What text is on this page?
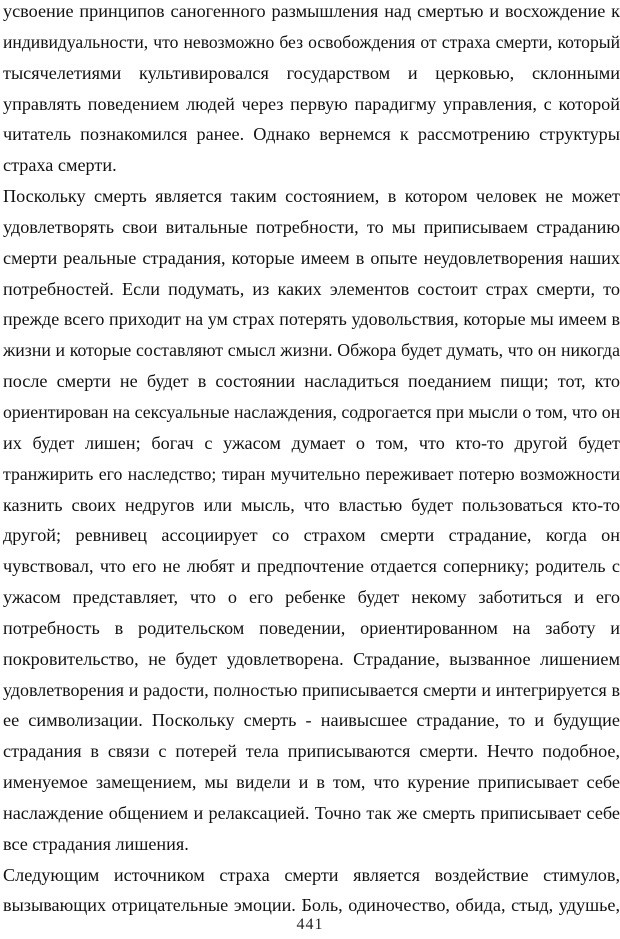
усвоение принципов саногенного размышления над смертью и восхождение к
индивидуальности, что невозможно без освобождения от страха смерти, который
тысячелетиями культивировался государством и церковью, склонными
управлять поведением людей через первую парадигму управления, с которой
читатель познакомился ранее. Однако вернемся к рассмотрению структуры
страха смерти.
Поскольку смерть является таким состоянием, в котором человек не может
удовлетворять свои витальные потребности, то мы приписываем страданию
смерти реальные страдания, которые имеем в опыте неудовлетворения наших
потребностей. Если подумать, из каких элементов состоит страх смерти, то
прежде всего приходит на ум страх потерять удовольствия, которые мы имеем в
жизни и которые составляют смысл жизни. Обжора будет думать, что он никогда
после смерти не будет в состоянии насладиться поеданием пищи; тот, кто
ориентирован на сексуальные наслаждения, содрогается при мысли о том, что он
их будет лишен; богач с ужасом думает о том, что кто-то другой будет
транжирить его наследство; тиран мучительно переживает потерю возможности
казнить своих недругов или мысль, что властью будет пользоваться кто-то
другой; ревнивец ассоциирует со страхом смерти страдание, когда он
чувствовал, что его не любят и предпочтение отдается сопернику; родитель с
ужасом представляет, что о его ребенке будет некому заботиться и его
потребность в родительском поведении, ориентированном на заботу и
покровительство, не будет удовлетворена. Страдание, вызванное лишением
удовлетворения и радости, полностью приписывается смерти и интегрируется в
ее символизации. Поскольку смерть - наивысшее страдание, то и будущие
страдания в связи с потерей тела приписываются смерти. Нечто подобное,
именуемое замещением, мы видели и в том, что курение приписывает себе
наслаждение общением и релаксацией. Точно так же смерть приписывает себе
все страдания лишения.
Следующим источником страха смерти является воздействие стимулов,
вызывающих отрицательные эмоции. Боль, одиночество, обида, стыд, удушье,
441
